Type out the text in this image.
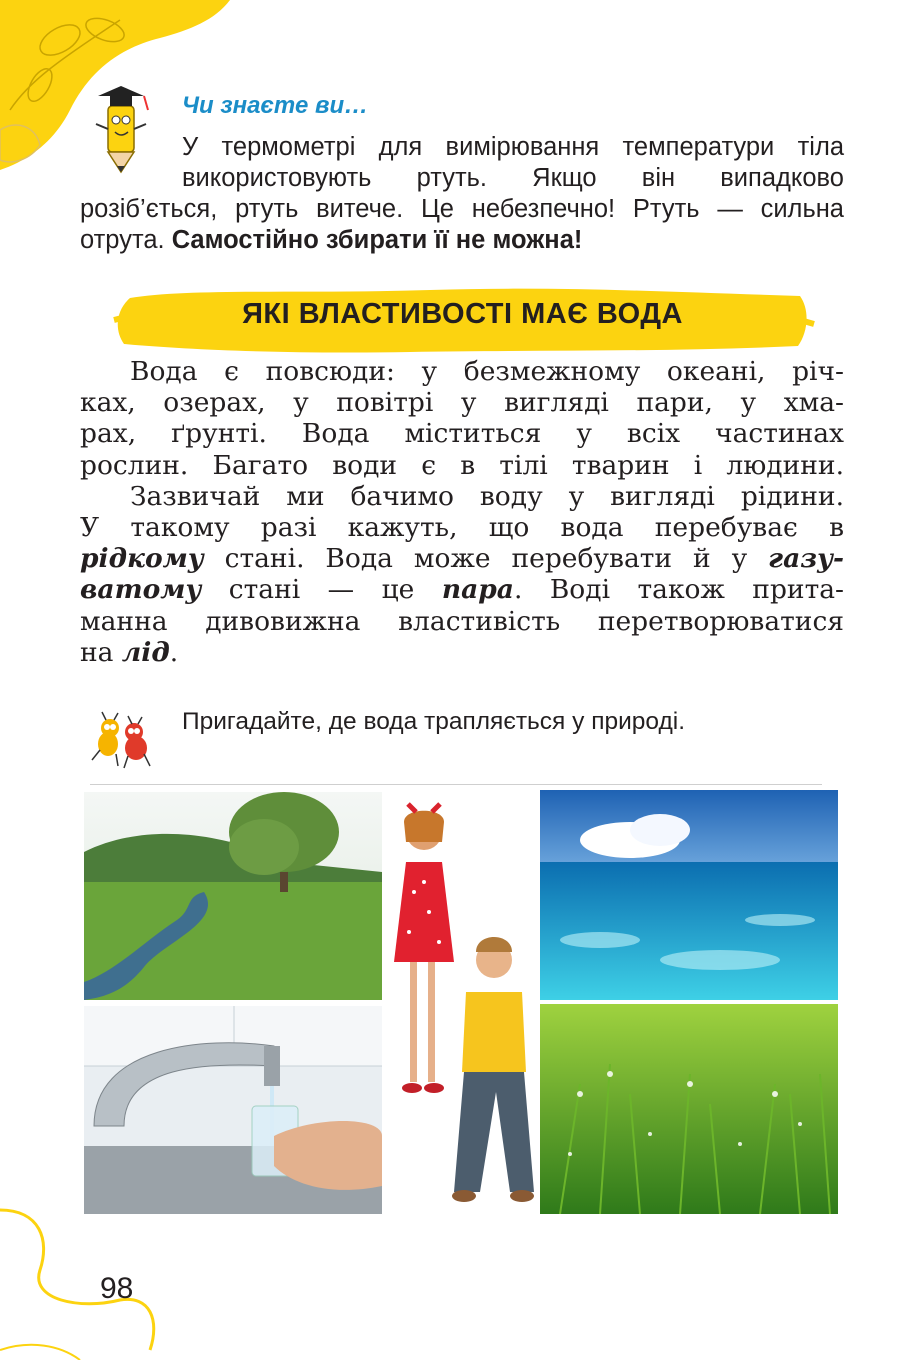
Чи знаєте ви…
У термометрі для вимірювання температури тіла
використовують ртуть. Якщо він випадково
розіб’ється, ртуть витече. Це небезпечно! Ртуть — сильна
отрута. Самостійно збирати її не можна!
ЯКІ ВЛАСТИВОСТІ МАЄ ВОДА
Вода є повсюди: у безмежному океані, річ-
ках, озерах, у повітрі у вигляді пари, у хма-
рах, ґрунті. Вода міститься у всіх частинах
рослин. Багато води є в тілі тварин і людини.
Зазвичай ми бачимо воду у вигляді рідини.
У такому разі кажуть, що вода перебуває в
рідкому стані. Вода може перебувати й у газу-
ватому стані — це пара. Воді також прита-
манна дивовижна властивість перетворюватися
на лід.
Пригадайте, де вода трапляється у природі.
98
